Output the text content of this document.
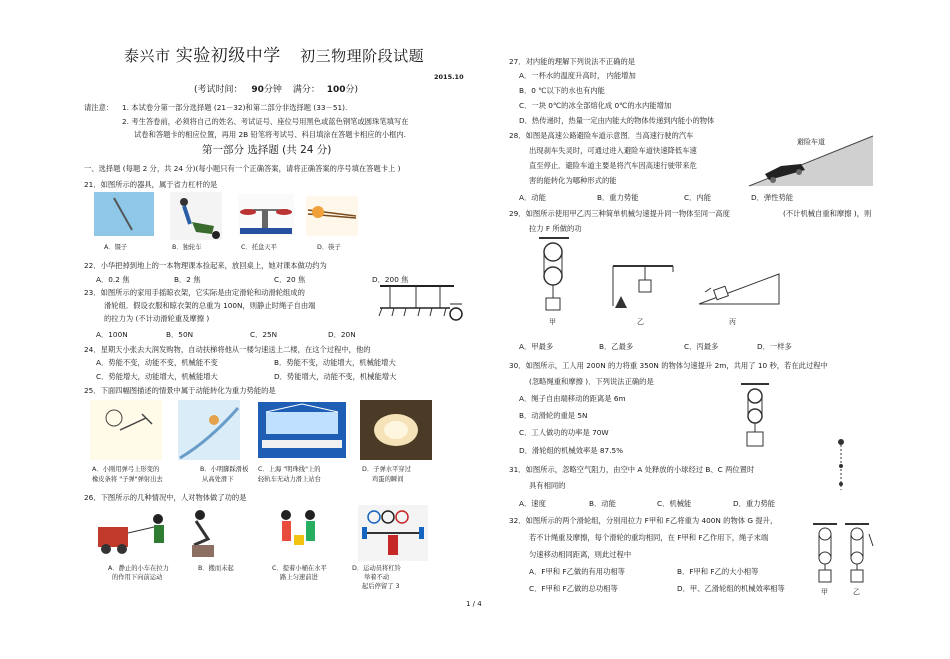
泰兴市 实验初级中学 初三物理阶段试题
2015.10
(考试时间： 90分钟 满分： 100分)
请注意： 1. 本试卷分第一部分选择题 (21－32)和第二部分非选择题 (33－51).
2. 考生答卷前，必须将自己的姓名、考试证号、座位号用黑色或蓝色钢笔或圆珠笔填写在
试卷和答题卡的相应位置，再用 2B 铅笔将考试号、科目填涂在答题卡相应的小框内.
第一部分 选择题 (共 24 分)
一、选择题 (每题 2 分，共 24 分)(每小题只有一个正确答案，请将正确答案的序号填在答题卡上 )
21．如图所示的器具，属于省力杠杆的是
A．镊子	B．独轮车	C．托盘天平	D．筷子
22．小华把掉到地上的一本物理课本捡起来，放回桌上，她对课本做功约为
A．0.2 焦	B．2 焦	C．20 焦	D．200 焦
23．如图所示的家用手摇晾衣架，它实际是由定滑轮和动滑轮组成的
滑轮组．假设衣服和晾衣架的总重为 100N，则静止时绳子自由端
的拉力为 (不计动滑轮重及摩擦 )
A．100N	B．50N	C．25N	D．20N
24．星期天小张去大润发购物，自动扶梯将他从一楼匀速送上二楼，在这个过程中，他的
A．势能不变，动能不变，机械能不变	B．势能不变，动能增大，机械能增大
C．势能增大，动能增大，机械能增大	D．势能增大，动能不变，机械能增大
25．下面四幅图描述的情景中属于动能转化为重力势能的是
A．小刚用弹弓上形变的
橡皮条将 "子弹"弹射出去
B．小明脚踩滑板
从高处滑下
C．上海 "明珠线"上的
轻轨车无动力滑上站台
D．子弹水平穿过
鸡蛋的瞬间
26．下图所示的几种情况中，人对物体做了功的是
A．静止的小车在拉力
的作用下向前运动
B．搬而未起	C．提着小桶在水平
路上匀速前进
D．运动员将杠铃
举着不动
起后停留了 3
27．对内能的理解下列说法不正确的是
A．一杯水的温度升高时， 内能增加
B．0 ℃以下的水也有内能
C．一块 0℃的冰全部熔化成 0℃的水内能增加
D．热传递时，热量一定由内能大的物体传递到内能小的物体
28．如图是高速公路避险车道示意图．当高速行驶的汽车
出现刹车失灵时，可通过进入避险车道快速降低车速
直至停止．避险车道主要是将汽车因高速行驶带来危
害的能转化为哪种形式的能
避险车道
A．动能	B．重力势能	C．内能	D．弹性势能
29．如图所示使用甲乙丙三种简单机械匀速提升同一物体至同一高度	(不计机械自重和摩擦 )，则
拉力 F 所做的功
甲	乙	丙
A．甲最多	B．乙最多	C．丙最多	D．一样多
30．如图所示，工人用 200N 的力将重 350N 的物体匀速提升 2m，共用了 10 秒，若在此过程中
(忽略绳重和摩擦 )．下列说法正确的是
A．绳子自由端移动的距离是 6m
B．动滑轮的重是 5N
C．工人做功的功率是 70W
D．滑轮组的机械效率是 87.5%
31．如图所示，忽略空气阻力，由空中 A 处释放的小球经过 B、C 两位置时
具有相同的
A．速度	B．动能	C．机械能	D．重力势能
32．如图所示的两个滑轮组，分别用拉力 F甲和 F乙将重为 400N 的物体 G 提升，
若不计绳重及摩擦，每个滑轮的重均相同，在 F甲和 F乙作用下，绳子末端
匀速移动相同距离，则此过程中
A．F甲和 F乙做的有用功相等	B．F甲和 F乙的大小相等
C．F甲和 F乙做的总功相等	D．甲、乙滑轮组的机械效率相等	甲	乙
1 / 4
